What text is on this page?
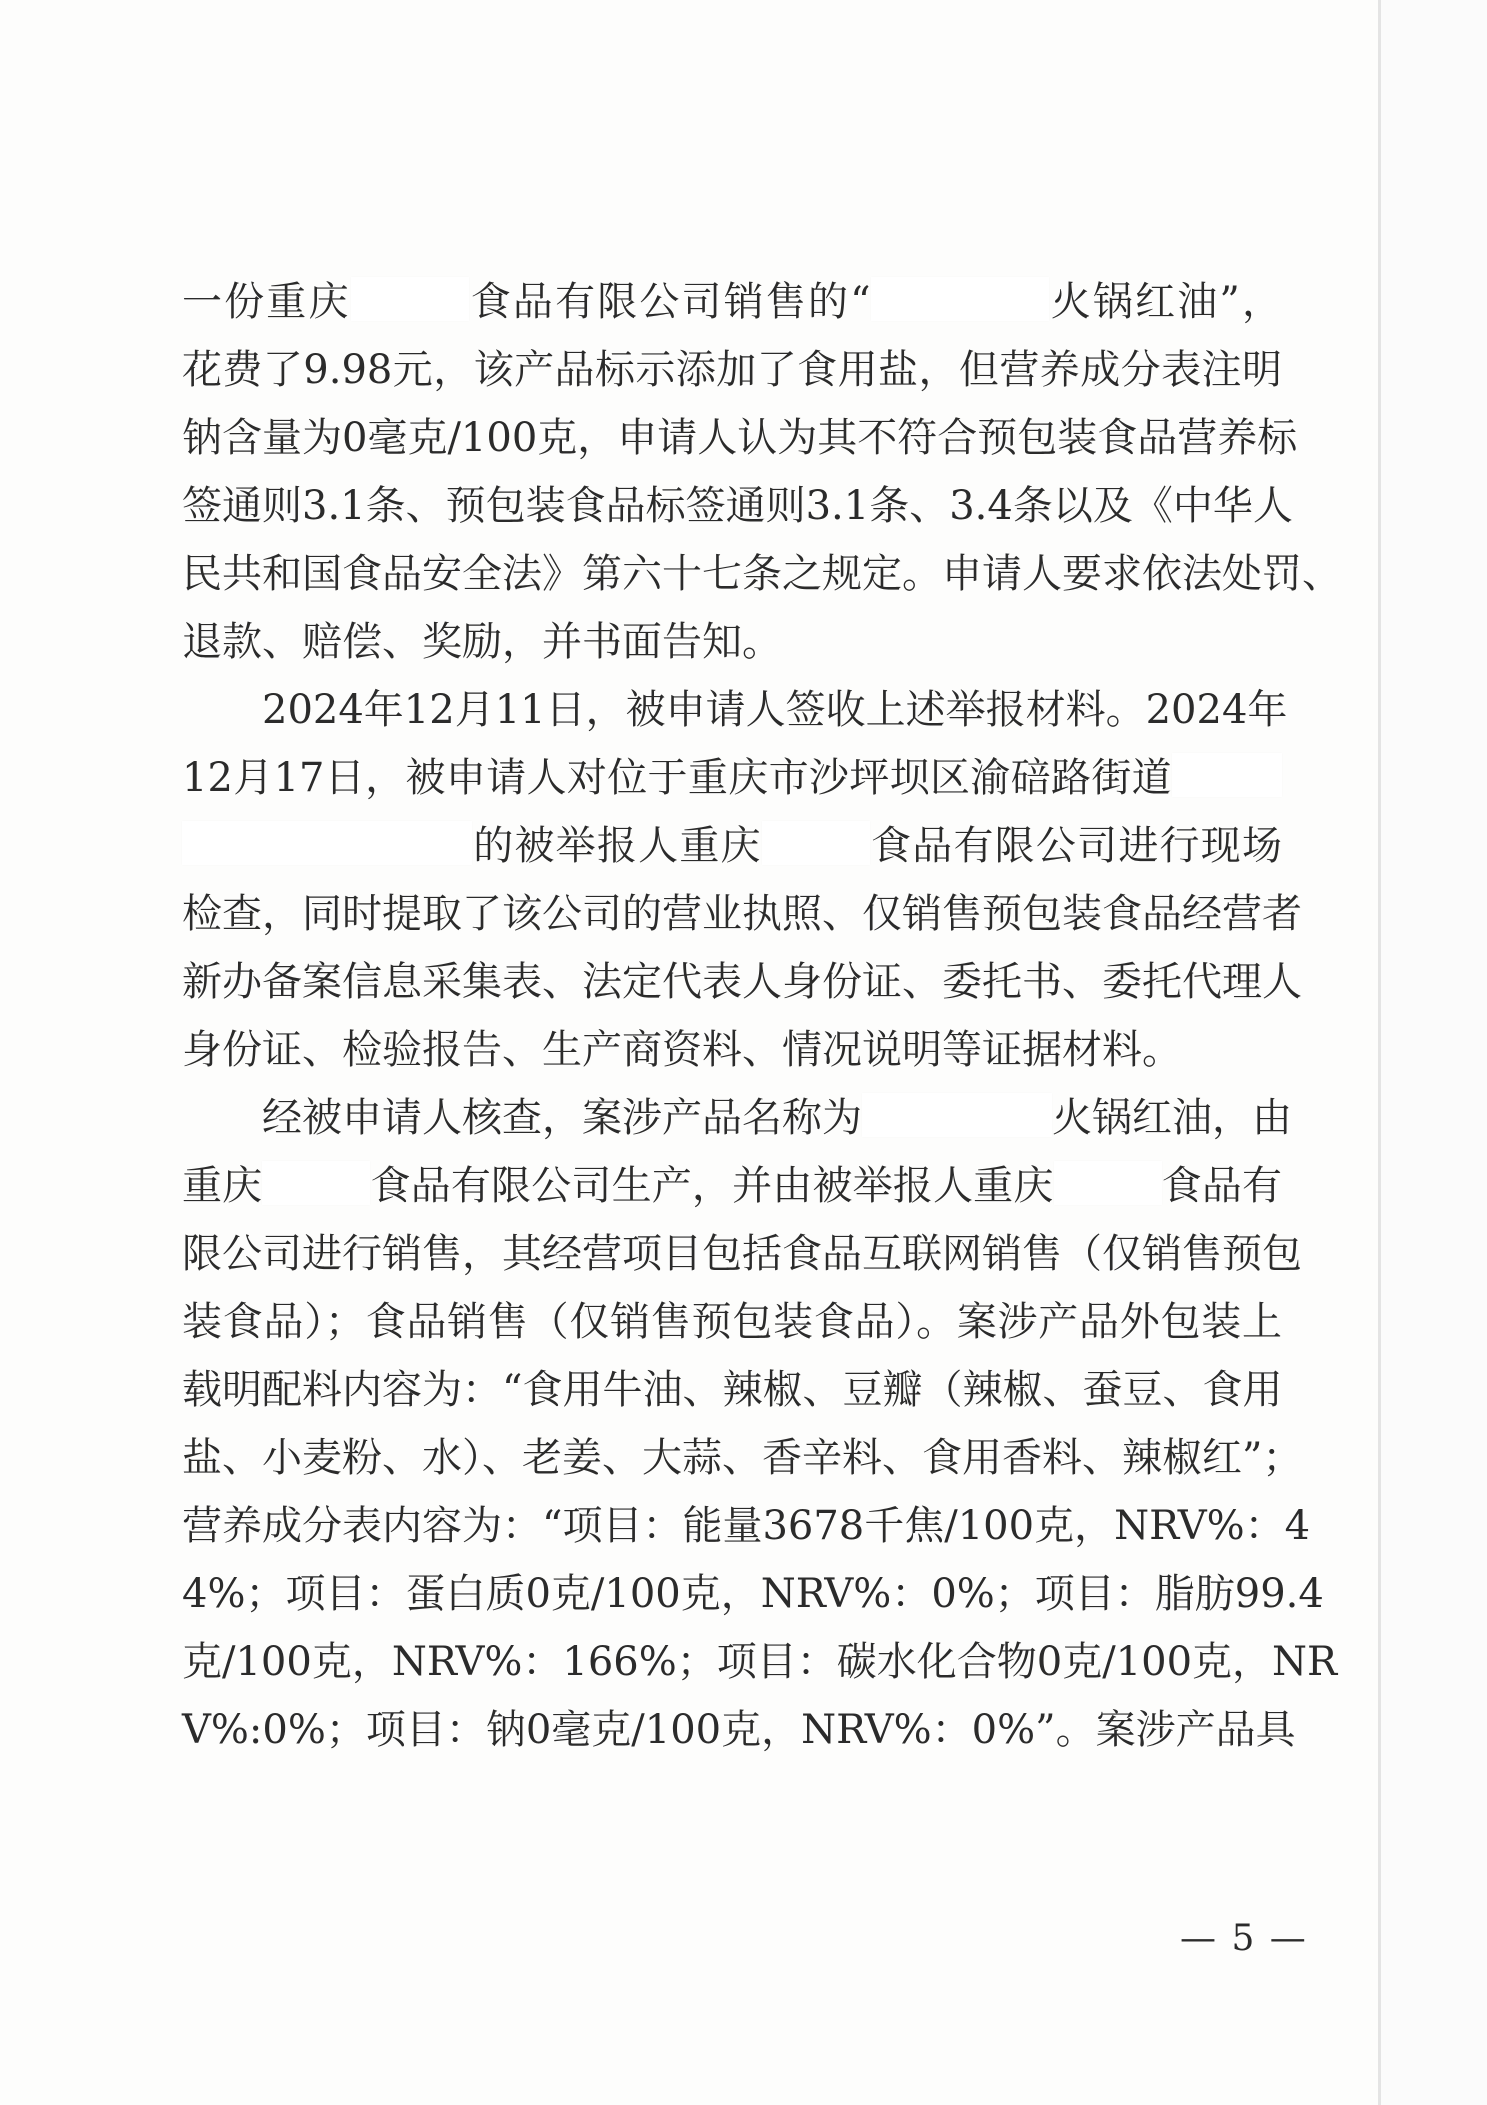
一份重庆	食品有限公司销售的“	火锅红油”，
花费了9.98元，该产品标示添加了食用盐，但营养成分表注明
钠含量为0毫克/100克，申请人认为其不符合预包装食品营养标
签通则3.1条、预包装食品标签通则3.1条、3.4条以及《中华人
民共和国食品安全法》第六十七条之规定。申请人要求依法处罚、
退款、赔偿、奖励，并书面告知。
2024年12月11日，被申请人签收上述举报材料。2024年
12月17日，被申请人对位于重庆市沙坪坝区渝碚路街道
的被举报人重庆	食品有限公司进行现场
检查，同时提取了该公司的营业执照、仅销售预包装食品经营者
新办备案信息采集表、法定代表人身份证、委托书、委托代理人
身份证、检验报告、生产商资料、情况说明等证据材料。
经被申请人核查，案涉产品名称为	火锅红油，由
重庆	食品有限公司生产，并由被举报人重庆	食品有
限公司进行销售，其经营项目包括食品互联网销售（仅销售预包
装食品）；食品销售（仅销售预包装食品）。案涉产品外包装上
载明配料内容为：“食用牛油、辣椒、豆瓣（辣椒、蚕豆、食用
盐、小麦粉、水）、老姜、大蒜、香辛料、食用香料、辣椒红”；
营养成分表内容为：“项目：能量3678千焦/100克，NRV%：4
4%；项目：蛋白质0克/100克，NRV%：0%；项目：脂肪99.4
克/100克，NRV%：166%；项目：碳水化合物0克/100克，NR
V%:0%；项目：钠0毫克/100克，NRV%：0%”。案涉产品具
— 5 —
